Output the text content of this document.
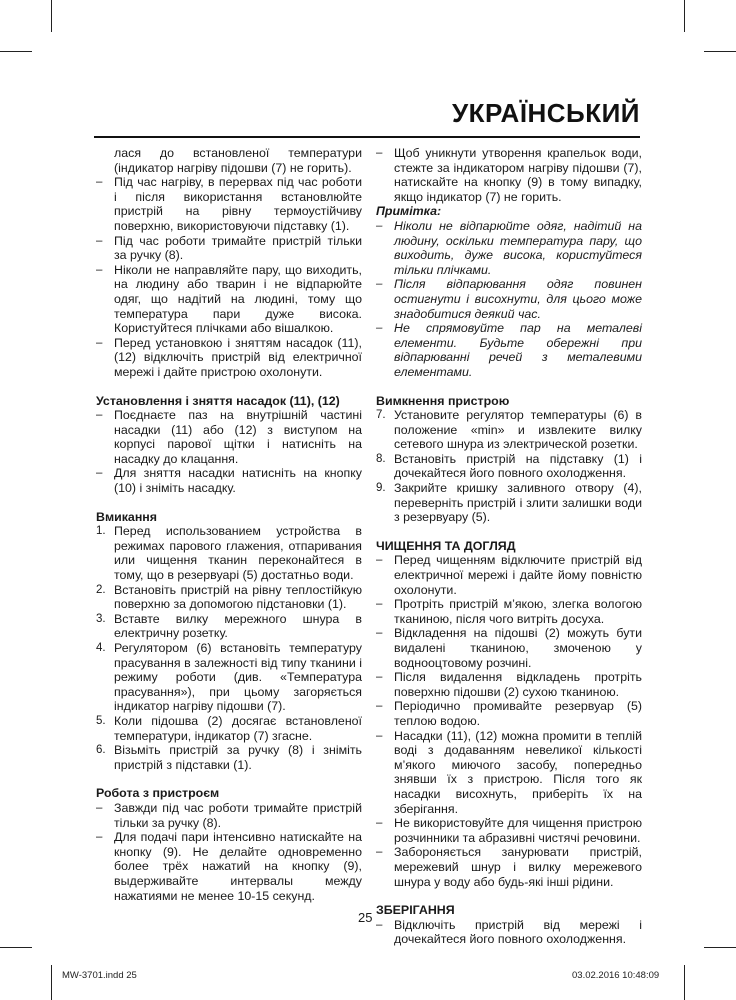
УКРАЇНСЬКИЙ

лася до встановленої температури (індикатор нагріву підошви (7) не горить).

– Під час нагріву, в перервах під час роботи і після використання встановлюйте пристрій на рівну термоустійчиву поверхню, використовуючи підставку (1).

– Під час роботи тримайте пристрій тільки за ручку (8).

– Ніколи не направляйте пару, що виходить, на людину або тварин і не відпарюйте одяг, що надітий на людині, тому що температура пари дуже висока. Користуйтеся плічками або вішалкою.

– Перед установкою і зняттям насадок (11), (12) відключіть пристрій від електричної мережі і дайте пристрою охолонути.

Установлення і зняття насадок (11), (12)

– Поєднаєте паз на внутрішній частині насадки (11) або (12) з виступом на корпусі парової щітки і натисніть на насадку до клацання.

– Для зняття насадки натисніть на кнопку (10) і зніміть насадку.

Вмикання

1. Перед использованием устройства в режимах парового глажения, отпаривания или чищення тканин переконайтеся в тому, що в резервуарі (5) достатньо води.

2. Встановіть пристрій на рівну теплостійкую поверхню за допомогою підстановки (1).

3. Вставте вилку мережного шнура в електричну розетку.

4. Регулятором (6) встановіть температуру прасування в залежності від типу тканини і режиму роботи (див. «Температура прасування»), при цьому загоряється індикатор нагріву підошви (7).

5. Коли підошва (2) досягає встановленої температури, індикатор (7) згасне.

6. Візьміть пристрій за ручку (8) і зніміть пристрій з підставки (1).

Робота з пристроєм

– Завжди під час роботи тримайте пристрій тільки за ручку (8).

– Для подачі пари інтенсивно натискайте на кнопку (9). Не делайте одновременно более трёх нажатий на кнопку (9), выдерживайте интервалы между нажатиями не менее 10-15 секунд.

– Щоб уникнути утворення крапельок води, стежте за індикатором нагріву підошви (7), натискайте на кнопку (9) в тому випадку, якщо індикатор (7) не горить.

Примітка:

– Ніколи не відпарюйте одяг, надітий на людину, оскільки температура пару, що виходить, дуже висока, користуйтеся тільки плічками.

– Після відпарювання одяг повинен остигнути і висохнути, для цього може знадобитися деякий час.

– Не спрямовуйте пар на металеві елементи. Будьте обережні при відпарюванні речей з металевими елементами.

Вимкнення пристрою

7. Установите регулятор температуры (6) в положение «min» и извлеките вилку сетевого шнура из электрической розетки.

8. Встановіть пристрій на підставку (1) і дочекайтеся його повного охолодження.

9. Закрийте кришку заливного отвору (4), переверніть пристрій і злити залишки води з резервуару (5).

ЧИЩЕННЯ ТА ДОГЛЯД

– Перед чищенням відключите пристрій від електричної мережі і дайте йому повністю охолонути.

– Протріть пристрій м’якою, злегка вологою тканиною, після чого витріть досуха.

– Відкладення на підошві (2) можуть бути видалені тканиною, змоченою у воднооцтовому розчині.

– Після видалення відкладень протріть поверхню підошви (2) сухою тканиною.

– Періодично промивайте резервуар (5) теплою водою.

– Насадки (11), (12) можна промити в теплій воді з додаванням невеликої кількості м’якого миючого засобу, попередньо знявши їх з пристрою. Після того як насадки висохнуть, приберіть їх на зберігання.

– Не використовуйте для чищення пристрою розчинники та абразивні чистячі речовини.

– Забороняється занурювати пристрій, мережевий шнур і вилку мережевого шнура у воду або будь-які інші рідини.

ЗБЕРІГАННЯ

– Відключіть пристрій від мережі і дочекайтеся його повного охолодження.

25
MW-3701.indd 25	03.02.2016 10:48:09
